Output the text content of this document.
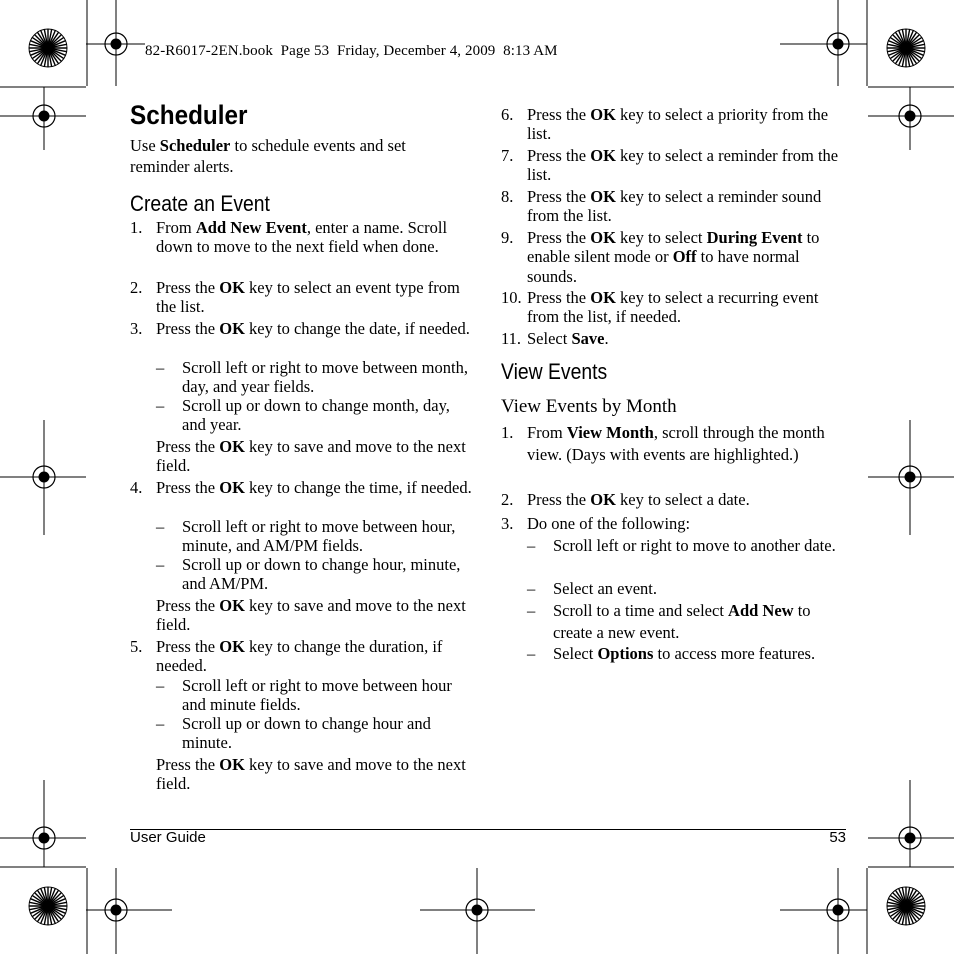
82-R6017-2EN.book  Page 53  Friday, December 4, 2009  8:13 AM
Scheduler
Use Scheduler to schedule events and set reminder alerts.
Create an Event
1. From Add New Event, enter a name. Scroll down to move to the next field when done.
2. Press the OK key to select an event type from the list.
3. Press the OK key to change the date, if needed.
– Scroll left or right to move between month, day, and year fields.
– Scroll up or down to change month, day, and year.
Press the OK key to save and move to the next field.
4. Press the OK key to change the time, if needed.
– Scroll left or right to move between hour, minute, and AM/PM fields.
– Scroll up or down to change hour, minute, and AM/PM.
Press the OK key to save and move to the next field.
5. Press the OK key to change the duration, if needed.
– Scroll left or right to move between hour and minute fields.
– Scroll up or down to change hour and minute.
Press the OK key to save and move to the next field.
6. Press the OK key to select a priority from the list.
7. Press the OK key to select a reminder from the list.
8. Press the OK key to select a reminder sound from the list.
9. Press the OK key to select During Event to enable silent mode or Off to have normal sounds.
10. Press the OK key to select a recurring event from the list, if needed.
11. Select Save.
View Events
View Events by Month
1. From View Month, scroll through the month view. (Days with events are highlighted.)
2. Press the OK key to select a date.
3. Do one of the following:
– Scroll left or right to move to another date.
– Select an event.
– Scroll to a time and select Add New to create a new event.
– Select Options to access more features.
User Guide	53
